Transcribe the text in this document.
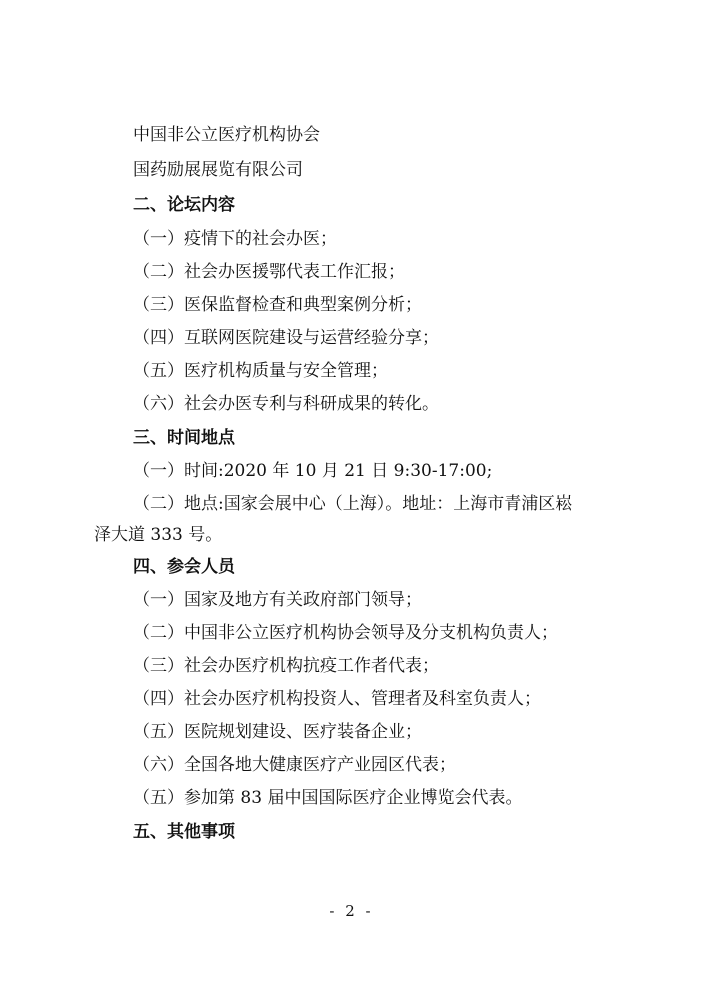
中国非公立医疗机构协会
国药励展展览有限公司
二、论坛内容
（一）疫情下的社会办医；
（二）社会办医援鄂代表工作汇报；
（三）医保监督检查和典型案例分析；
（四）互联网医院建设与运营经验分享；
（五）医疗机构质量与安全管理；
（六）社会办医专利与科研成果的转化。
三、时间地点
（一）时间:2020 年 10 月 21 日 9:30-17:00;
（二）地点:国家会展中心（上海）。地址：上海市青浦区崧
泽大道 333 号。
四、参会人员
（一）国家及地方有关政府部门领导；
（二）中国非公立医疗机构协会领导及分支机构负责人；
（三）社会办医疗机构抗疫工作者代表；
（四）社会办医疗机构投资人、管理者及科室负责人；
（五）医院规划建设、医疗装备企业；
（六）全国各地大健康医疗产业园区代表；
（五）参加第 83 届中国国际医疗企业博览会代表。
五、其他事项
- 2 -
